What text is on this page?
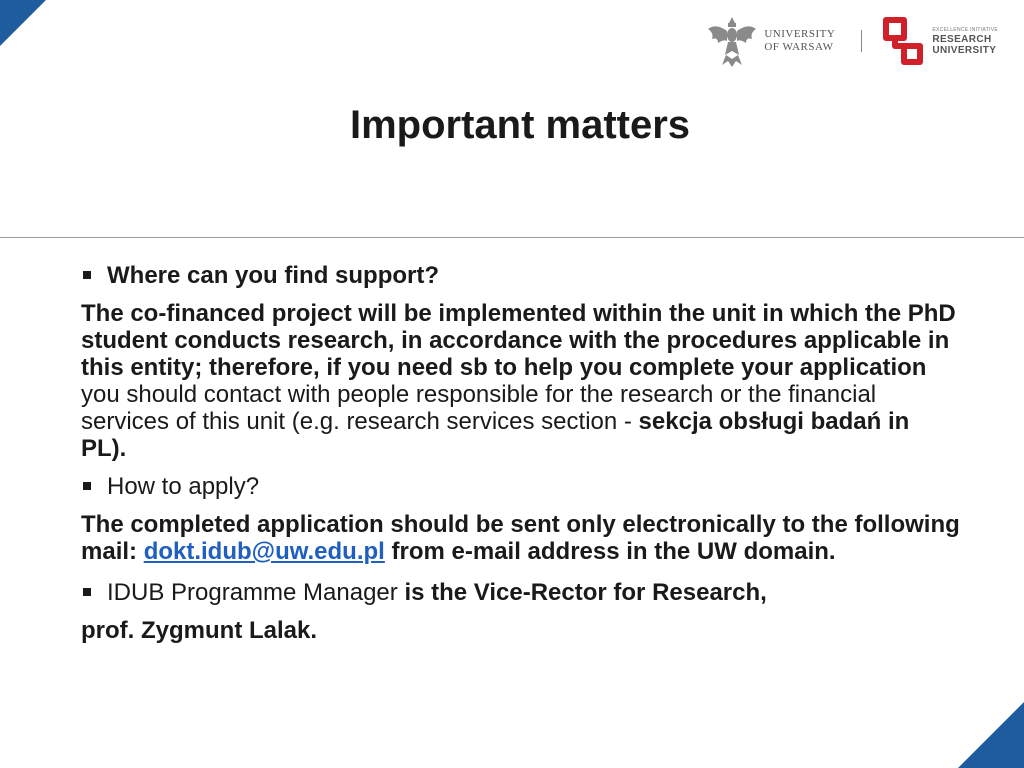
UNIVERSITY
OF WARSAW
EXCELLENCE INITIATIVE
RESEARCH
UNIVERSITY
Important matters
Where can you find support?

The co-financed project will be implemented within the unit in which the PhD student conducts research, in accordance with the procedures applicable in this entity; therefore, if you need sb to help you complete your application you should contact with people responsible for the research or the financial services of this unit (e.g. research services section - sekcja obsługi badań in PL).

How to apply?

The completed application should be sent only electronically to the following mail: dokt.idub@uw.edu.pl from e-mail address in the UW domain.

IDUB Programme Manager is the Vice-Rector for Research,

prof. Zygmunt Lalak.
